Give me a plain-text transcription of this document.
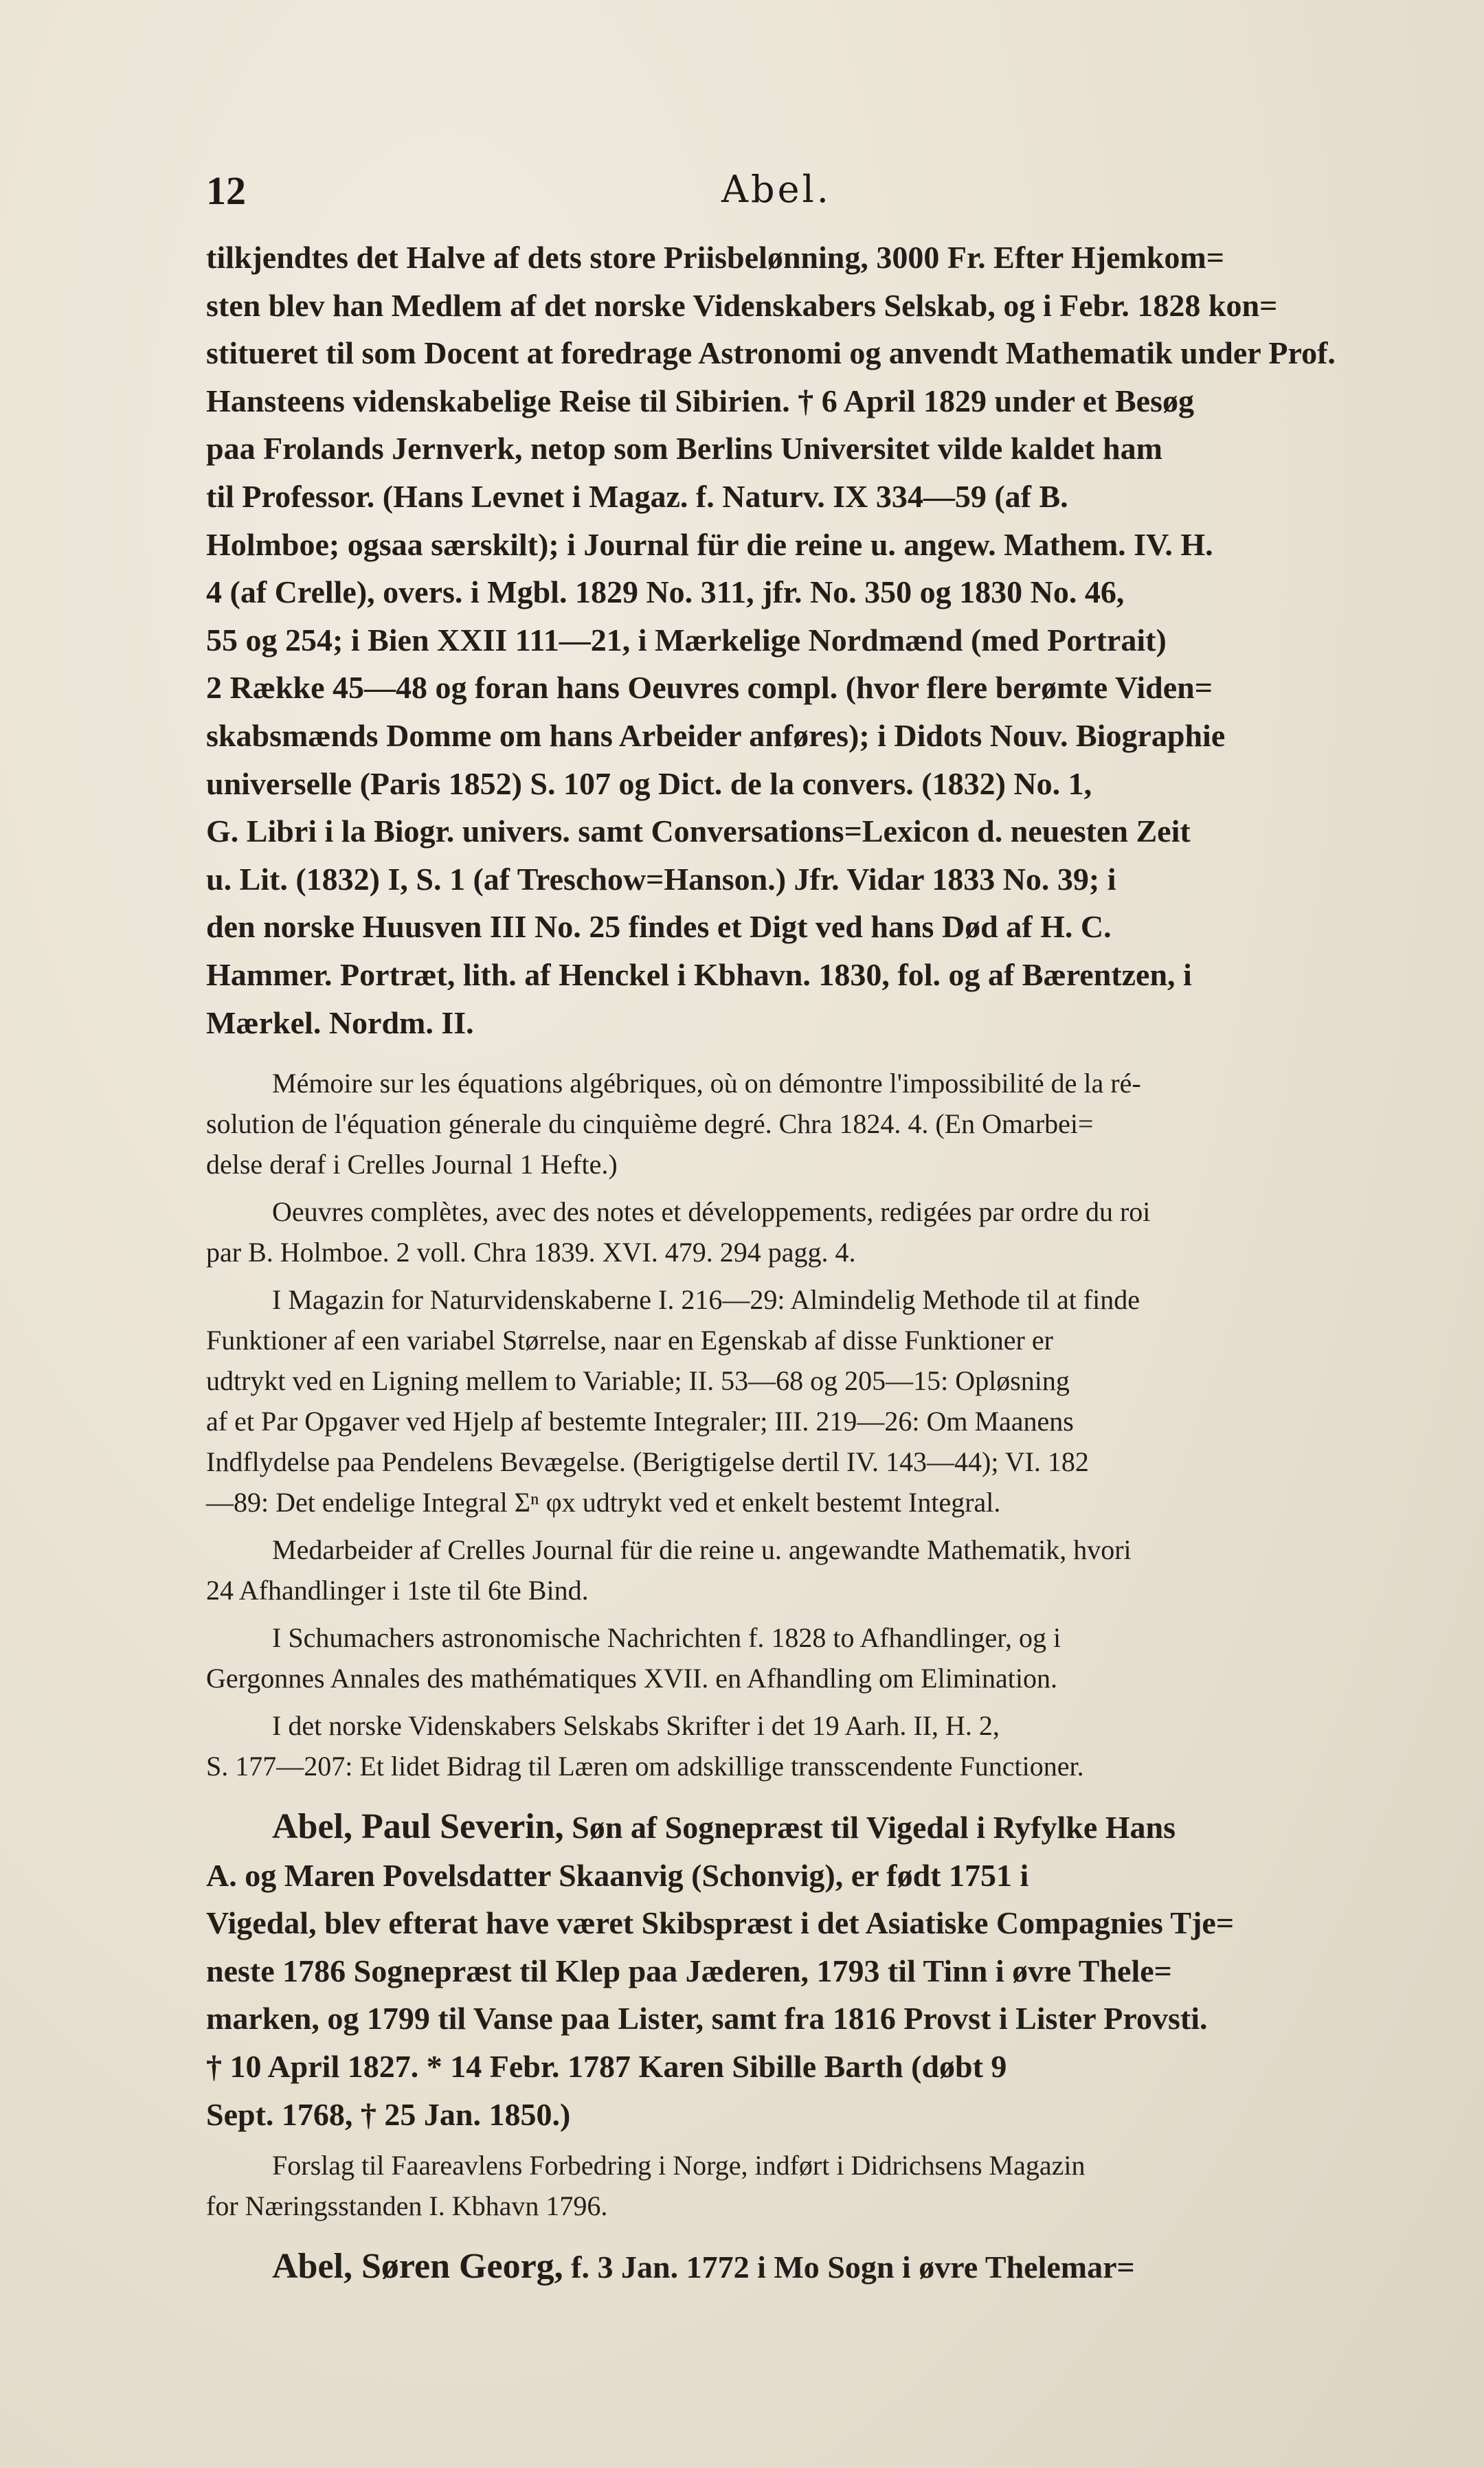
12	Abel.
tilkjendtes det Halve af dets store Priisbelønning, 3000 Fr. Efter Hjemkom=
sten blev han Medlem af det norske Videnskabers Selskab, og i Febr. 1828 kon=
stitueret til som Docent at foredrage Astronomi og anvendt Mathematik under Prof.
Hansteens videnskabelige Reise til Sibirien. † 6 April 1829 under et Besøg
paa Frolands Jernverk, netop som Berlins Universitet vilde kaldet ham
til Professor. (Hans Levnet i Magaz. f. Naturv. IX 334—59 (af B.
Holmboe; ogsaa særskilt); i Journal für die reine u. angew. Mathem. IV. H.
4 (af Crelle), overs. i Mgbl. 1829 No. 311, jfr. No. 350 og 1830 No. 46,
55 og 254; i Bien XXII 111—21, i Mærkelige Nordmænd (med Portrait)
2 Række 45—48 og foran hans Oeuvres compl. (hvor flere berømte Viden=
skabsmænds Domme om hans Arbeider anføres); i Didots Nouv. Biographie
universelle (Paris 1852) S. 107 og Dict. de la convers. (1832) No. 1,
G. Libri i la Biogr. univers. samt Conversations=Lexicon d. neuesten Zeit
u. Lit. (1832) I, S. 1 (af Treschow=Hanson.) Jfr. Vidar 1833 No. 39; i
den norske Huusven III No. 25 findes et Digt ved hans Død af H. C.
Hammer. Portræt, lith. af Henckel i Kbhavn. 1830, fol. og af Bærentzen, i
Mærkel. Nordm. II.
Mémoire sur les équations algébriques, où on démontre l'impossibilité de la ré-
solution de l'équation génerale du cinquième degré. Chra 1824. 4. (En Omarbei=
delse deraf i Crelles Journal 1 Hefte.)
Oeuvres complètes, avec des notes et développements, redigées par ordre du roi
par B. Holmboe. 2 voll. Chra 1839. XVI. 479. 294 pagg. 4.
I Magazin for Naturvidenskaberne I. 216—29: Almindelig Methode til at finde
Funktioner af een variabel Størrelse, naar en Egenskab af disse Funktioner er
udtrykt ved en Ligning mellem to Variable; II. 53—68 og 205—15: Opløsning
af et Par Opgaver ved Hjelp af bestemte Integraler; III. 219—26: Om Maanens
Indflydelse paa Pendelens Bevægelse. (Berigtigelse dertil IV. 143—44); VI. 182
—89: Det endelige Integral Σⁿ φx udtrykt ved et enkelt bestemt Integral.
Medarbeider af Crelles Journal für die reine u. angewandte Mathematik, hvori
24 Afhandlinger i 1ste til 6te Bind.
I Schumachers astronomische Nachrichten f. 1828 to Afhandlinger, og i
Gergonnes Annales des mathématiques XVII. en Afhandling om Elimination.
I det norske Videnskabers Selskabs Skrifter i det 19 Aarh. II, H. 2,
S. 177—207: Et lidet Bidrag til Læren om adskillige transscendente Functioner.
Abel, Paul Severin, Søn af Sognepræst til Vigedal i Ryfylke Hans
A. og Maren Povelsdatter Skaanvig (Schonvig), er født 1751 i
Vigedal, blev efterat have været Skibspræst i det Asiatiske Compagnies Tje=
neste 1786 Sognepræst til Klep paa Jæderen, 1793 til Tinn i øvre Thele=
marken, og 1799 til Vanse paa Lister, samt fra 1816 Provst i Lister Provsti.
† 10 April 1827. * 14 Febr. 1787 Karen Sibille Barth (døbt 9
Sept. 1768, † 25 Jan. 1850.)
Forslag til Faareavlens Forbedring i Norge, indført i Didrichsens Magazin
for Næringsstanden I. Kbhavn 1796.
Abel, Søren Georg, f. 3 Jan. 1772 i Mo Sogn i øvre Thelemar=
